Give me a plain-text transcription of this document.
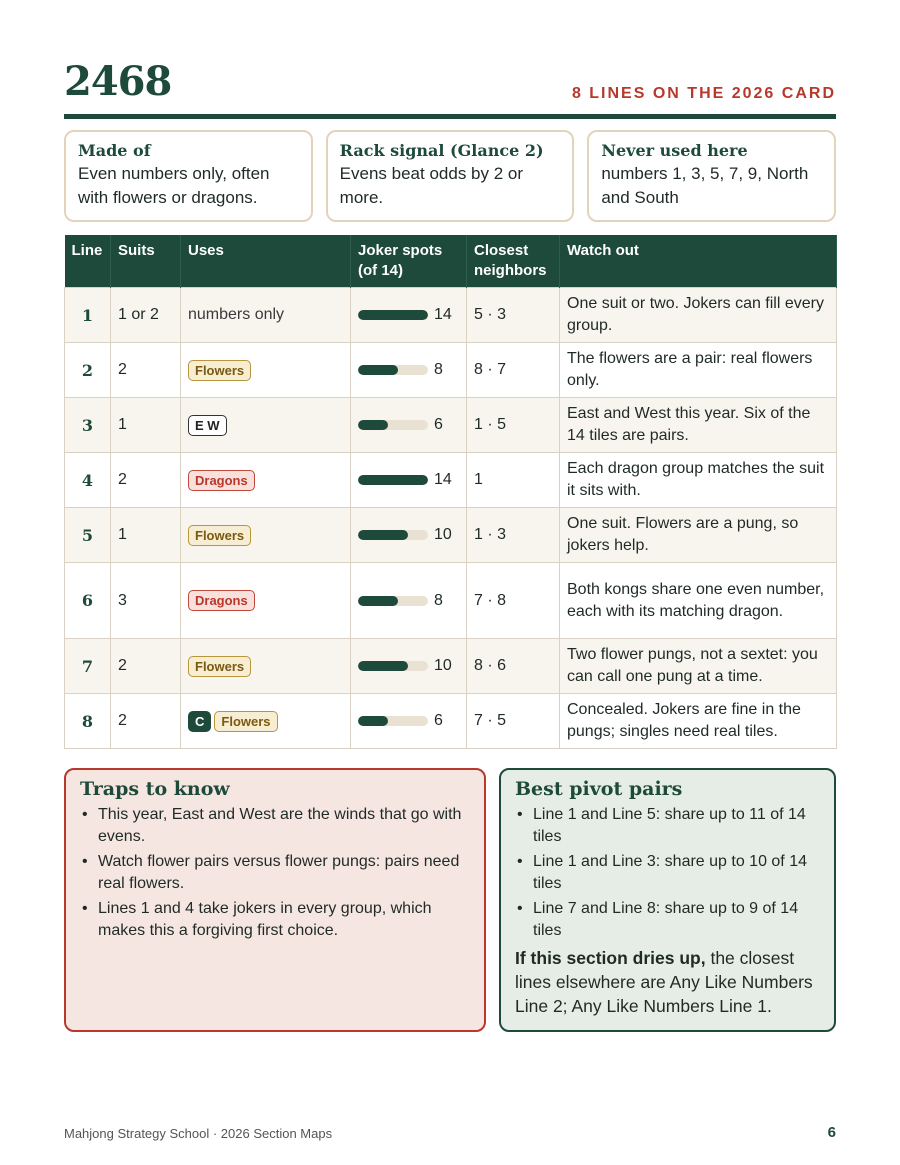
2468	8 LINES ON THE 2026 CARD
Made of
Even numbers only, often with flowers or dragons.
Rack signal (Glance 2)
Evens beat odds by 2 or more.
Never used here
numbers 1, 3, 5, 7, 9, North and South
Line	Suits	Uses	Joker spots (of 14)	Closest neighbors	Watch out
1	1 or 2	numbers only	14	5 · 3	One suit or two. Jokers can fill every group.
2	2	Flowers	8	8 · 7	The flowers are a pair: real flowers only.
3	1	E W	6	1 · 5	East and West this year. Six of the 14 tiles are pairs.
4	2	Dragons	14	1	Each dragon group matches the suit it sits with.
5	1	Flowers	10	1 · 3	One suit. Flowers are a pung, so jokers help.
6	3	Dragons	8	7 · 8	Both kongs share one even number, each with its matching dragon.
7	2	Flowers	10	8 · 6	Two flower pungs, not a sextet: you can call one pung at a time.
8	2	C Flowers	6	7 · 5	Concealed. Jokers are fine in the pungs; singles need real tiles.
Traps to know
• This year, East and West are the winds that go with evens.
• Watch flower pairs versus flower pungs: pairs need real flowers.
• Lines 1 and 4 take jokers in every group, which makes this a forgiving first choice.
Best pivot pairs
• Line 1 and Line 5: share up to 11 of 14 tiles
• Line 1 and Line 3: share up to 10 of 14 tiles
• Line 7 and Line 8: share up to 9 of 14 tiles
If this section dries up, the closest lines elsewhere are Any Like Numbers Line 2; Any Like Numbers Line 1.
Mahjong Strategy School · 2026 Section Maps	6
